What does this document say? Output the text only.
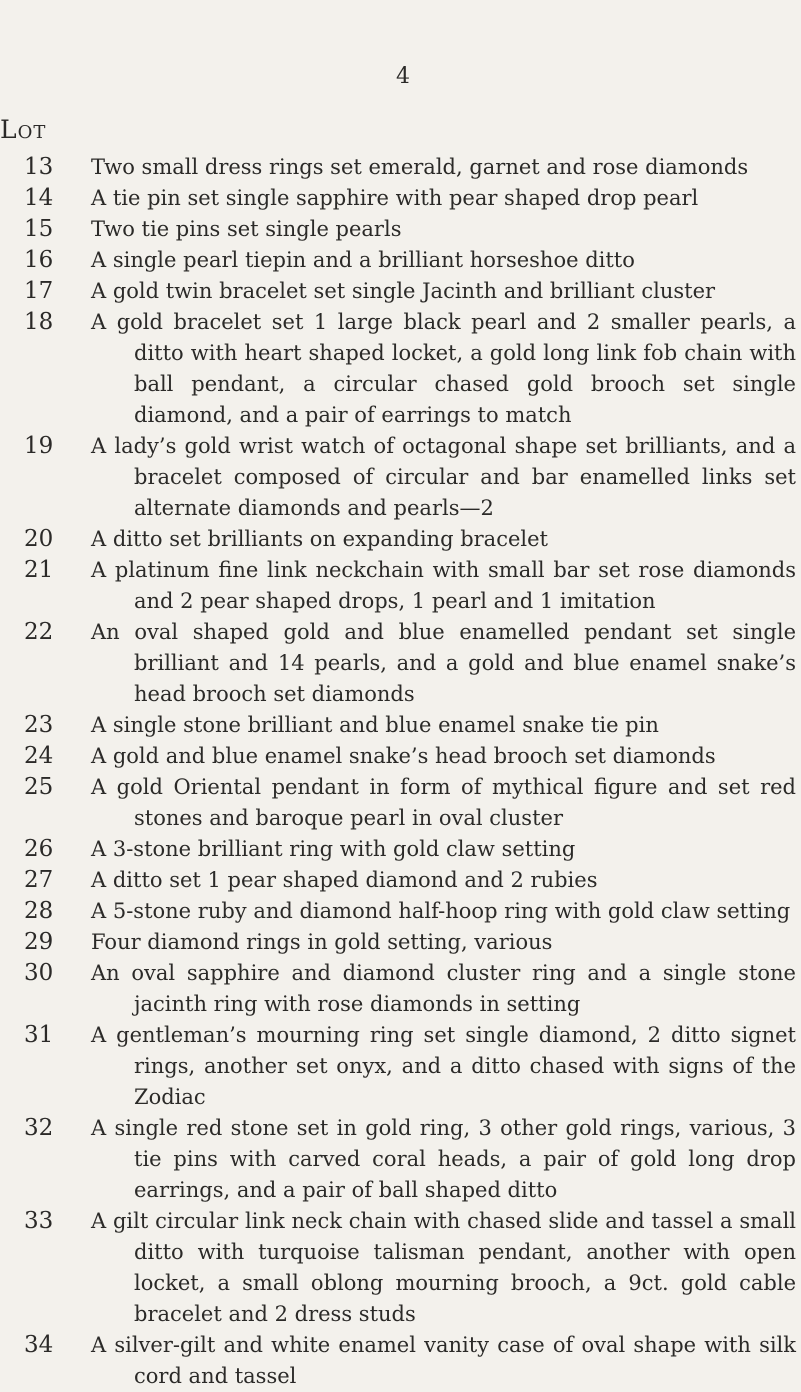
4
Lot
13	Two small dress rings set emerald, garnet and rose diamonds
14	A tie pin set single sapphire with pear shaped drop pearl
15	Two tie pins set single pearls
16	A single pearl tiepin and a brilliant horseshoe ditto
17	A gold twin bracelet set single Jacinth and brilliant cluster
18	A gold bracelet set 1 large black pearl and 2 smaller pearls, a ditto with heart shaped locket, a gold long link fob chain with ball pendant, a circular chased gold brooch set single diamond, and a pair of earrings to match
19	A lady’s gold wrist watch of octagonal shape set brilliants, and a bracelet composed of circular and bar enamelled links set alternate diamonds and pearls—2
20	A ditto set brilliants on expanding bracelet
21	A platinum fine link neckchain with small bar set rose diamonds and 2 pear shaped drops, 1 pearl and 1 imitation
22	An oval shaped gold and blue enamelled pendant set single brilliant and 14 pearls, and a gold and blue enamel snake’s head brooch set diamonds
23	A single stone brilliant and blue enamel snake tie pin
24	A gold and blue enamel snake’s head brooch set diamonds
25	A gold Oriental pendant in form of mythical figure and set red stones and baroque pearl in oval cluster
26	A 3-stone brilliant ring with gold claw setting
27	A ditto set 1 pear shaped diamond and 2 rubies
28	A 5-stone ruby and diamond half-hoop ring with gold claw setting
29	Four diamond rings in gold setting, various
30	An oval sapphire and diamond cluster ring and a single stone jacinth ring with rose diamonds in setting
31	A gentleman’s mourning ring set single diamond, 2 ditto signet rings, another set onyx, and a ditto chased with signs of the Zodiac
32	A single red stone set in gold ring, 3 other gold rings, various, 3 tie pins with carved coral heads, a pair of gold long drop earrings, and a pair of ball shaped ditto
33	A gilt circular link neck chain with chased slide and tassel a small ditto with turquoise talisman pendant, another with open locket, a small oblong mourning brooch, a 9ct. gold cable bracelet and 2 dress studs
34	A silver-gilt and white enamel vanity case of oval shape with silk cord and tassel
